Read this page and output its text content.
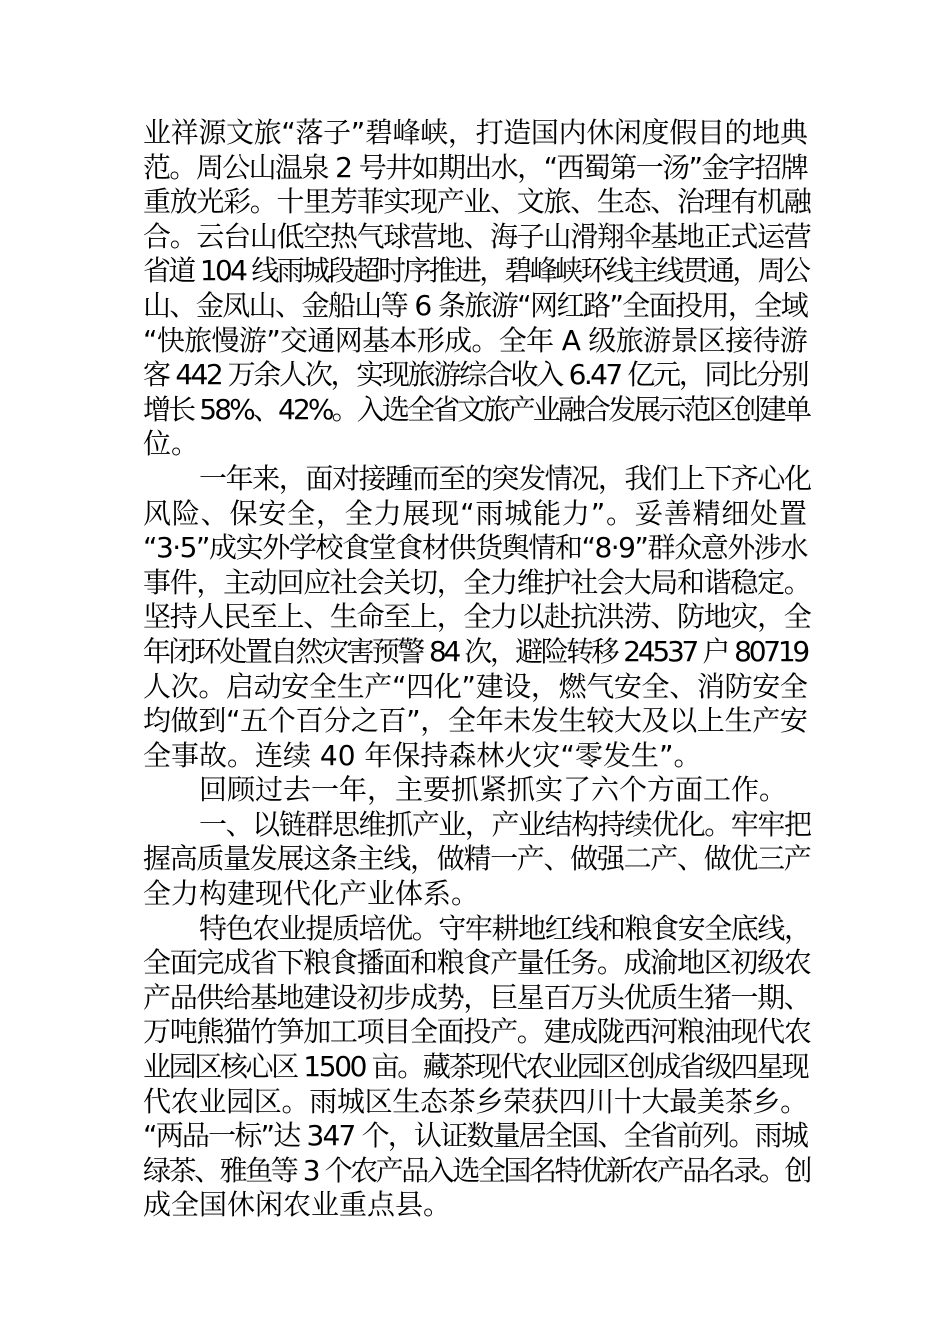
业祥源文旅“落子”碧峰峡，打造国内休闲度假目的地典
范。周公山温泉 2 号井如期出水，“西蜀第一汤”金字招牌
重放光彩。十里芳菲实现产业、文旅、生态、治理有机融
合。云台山低空热气球营地、海子山滑翔伞基地正式运营
省道 104 线雨城段超时序推进，碧峰峡环线主线贯通，周公
山、金凤山、金船山等 6 条旅游“网红路”全面投用，全域
“快旅慢游”交通网基本形成。全年 A 级旅游景区接待游
客 442 万余人次，实现旅游综合收入 6.47 亿元，同比分别
增长 58%、42%。入选全省文旅产业融合发展示范区创建单
位。
一年来，面对接踵而至的突发情况，我们上下齐心化
风险、保安全，全力展现“雨城能力”。妥善精细处置
“3·5”成实外学校食堂食材供货舆情和“8·9”群众意外涉水
事件，主动回应社会关切，全力维护社会大局和谐稳定。
坚持人民至上、生命至上，全力以赴抗洪涝、防地灾，全
年闭环处置自然灾害预警 84 次，避险转移 24537 户 80719
人次。启动安全生产“四化”建设，燃气安全、消防安全
均做到“五个百分之百”，全年未发生较大及以上生产安
全事故。连续 40 年保持森林火灾“零发生”。
回顾过去一年，主要抓紧抓实了六个方面工作。
一、以链群思维抓产业，产业结构持续优化。牢牢把
握高质量发展这条主线，做精一产、做强二产、做优三产
全力构建现代化产业体系。
特色农业提质培优。守牢耕地红线和粮食安全底线，
全面完成省下粮食播面和粮食产量任务。成渝地区初级农
产品供给基地建设初步成势，巨星百万头优质生猪一期、
万吨熊猫竹笋加工项目全面投产。建成陇西河粮油现代农
业园区核心区 1500 亩。藏茶现代农业园区创成省级四星现
代农业园区。雨城区生态茶乡荣获四川十大最美茶乡。
“两品一标”达 347 个，认证数量居全国、全省前列。雨城
绿茶、雅鱼等 3 个农产品入选全国名特优新农产品名录。创
成全国休闲农业重点县。
